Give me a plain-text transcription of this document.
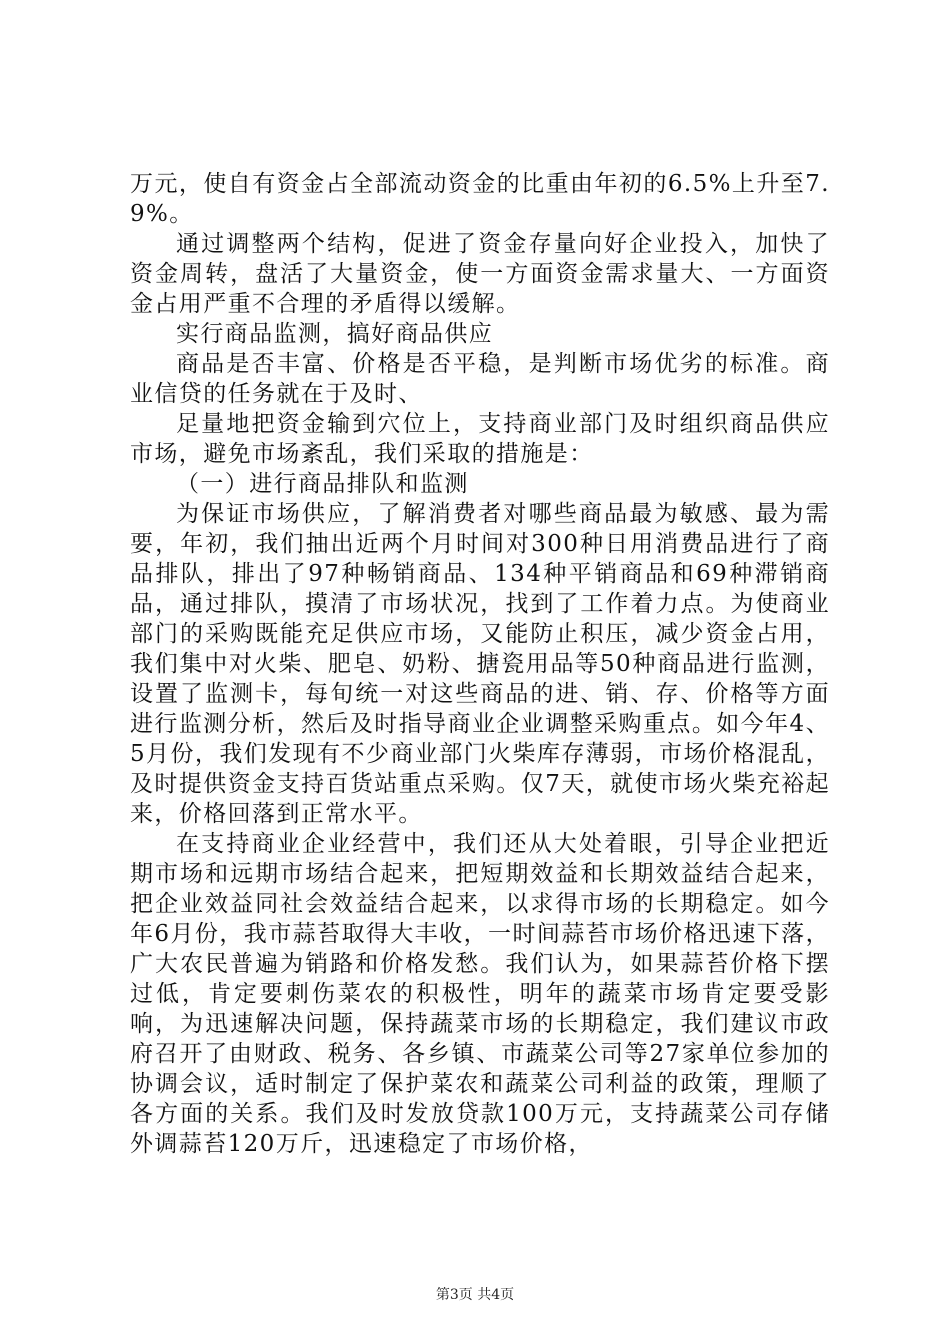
万元，使自有资金占全部流动资金的比重由年初的6.5%上升至7.9%。

通过调整两个结构，促进了资金存量向好企业投入，加快了资金周转，盘活了大量资金，使一方面资金需求量大、一方面资金占用严重不合理的矛盾得以缓解。

实行商品监测，搞好商品供应

商品是否丰富、价格是否平稳，是判断市场优劣的标准。商业信贷的任务就在于及时、

足量地把资金输到穴位上，支持商业部门及时组织商品供应市场，避免市场紊乱，我们采取的措施是：

（一）进行商品排队和监测

为保证市场供应，了解消费者对哪些商品最为敏感、最为需要，年初，我们抽出近两个月时间对300种日用消费品进行了商品排队，排出了97种畅销商品、134种平销商品和69种滞销商品，通过排队，摸清了市场状况，找到了工作着力点。为使商业部门的采购既能充足供应市场，又能防止积压，减少资金占用，我们集中对火柴、肥皂、奶粉、搪瓷用品等50种商品进行监测，设置了监测卡，每旬统一对这些商品的进、销、存、价格等方面进行监测分析，然后及时指导商业企业调整采购重点。如今年4、5月份，我们发现有不少商业部门火柴库存薄弱，市场价格混乱，及时提供资金支持百货站重点采购。仅7天，就使市场火柴充裕起来，价格回落到正常水平。

在支持商业企业经营中，我们还从大处着眼，引导企业把近期市场和远期市场结合起来，把短期效益和长期效益结合起来，把企业效益同社会效益结合起来，以求得市场的长期稳定。如今年6月份，我市蒜苔取得大丰收，一时间蒜苔市场价格迅速下落，广大农民普遍为销路和价格发愁。我们认为，如果蒜苔价格下摆过低，肯定要刺伤菜农的积极性，明年的蔬菜市场肯定要受影响，为迅速解决问题，保持蔬菜市场的长期稳定，我们建议市政府召开了由财政、税务、各乡镇、市蔬菜公司等27家单位参加的协调会议，适时制定了保护菜农和蔬菜公司利益的政策，理顺了各方面的关系。我们及时发放贷款100万元，支持蔬菜公司存储外调蒜苔120万斤，迅速稳定了市场价格，

第3页 共4页
